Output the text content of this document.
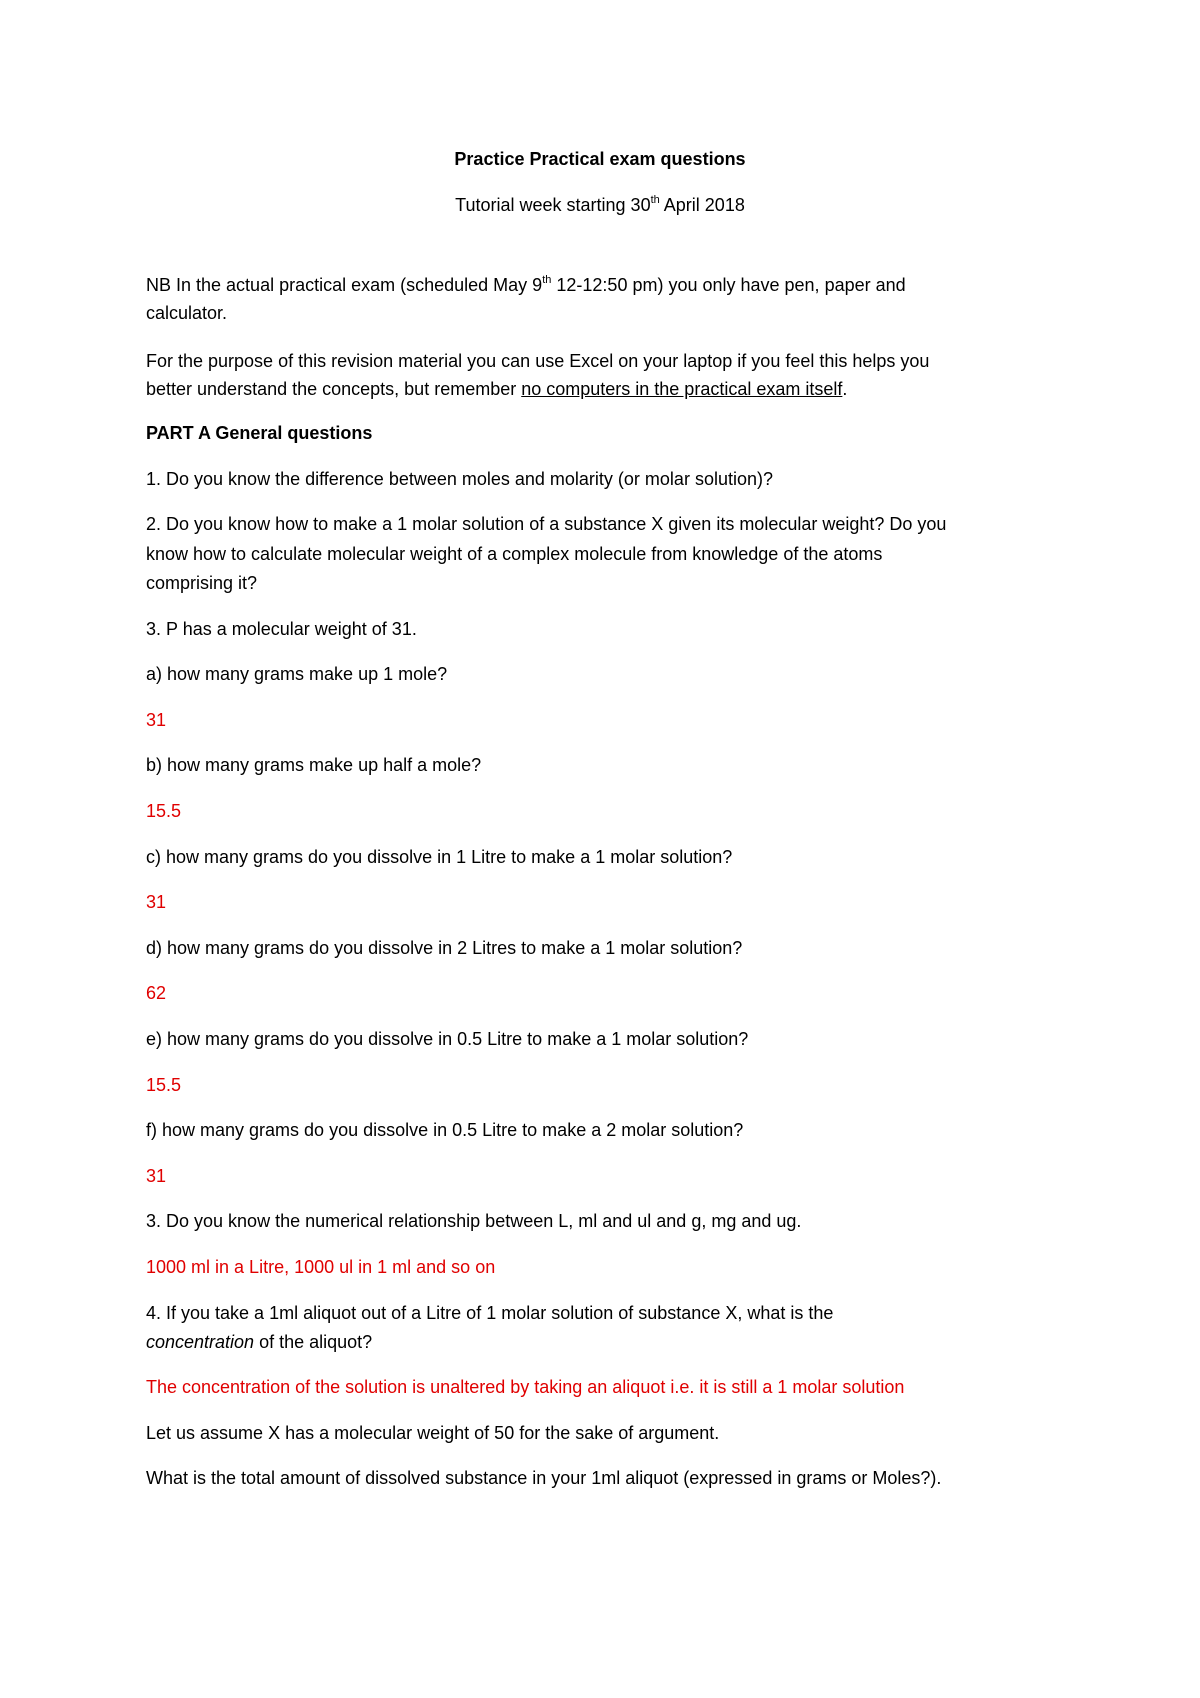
Practice Practical exam questions
Tutorial week starting 30th April 2018
NB In the actual practical exam (scheduled May 9th 12-12:50 pm) you only have pen, paper and
calculator.
For the purpose of this revision material you can use Excel on your laptop if you feel this helps you
better understand the concepts, but remember no computers in the practical exam itself.
PART A General questions
1. Do you know the difference between moles and molarity (or molar solution)?
2. Do you know how to make a 1 molar solution of a substance X given its molecular weight? Do you
know how to calculate molecular weight of a complex molecule from knowledge of the atoms
comprising it?
3. P has a molecular weight of 31.
a) how many grams make up 1 mole?
31
b) how many grams make up half a mole?
15.5
c) how many grams do you dissolve in 1 Litre to make a 1 molar solution?
31
d) how many grams do you dissolve in 2 Litres to make a 1 molar solution?
62
e) how many grams do you dissolve in 0.5 Litre to make a 1 molar solution?
15.5
f) how many grams do you dissolve in 0.5 Litre to make a 2 molar solution?
31
3. Do you know the numerical relationship between L, ml and ul and g, mg and ug.
1000 ml in a Litre, 1000 ul in 1 ml and so on
4. If you take a 1ml aliquot out of a Litre of 1 molar solution of substance X, what is the
concentration of the aliquot?
The concentration of the solution is unaltered by taking an aliquot i.e. it is still a 1 molar solution
Let us assume X has a molecular weight of 50 for the sake of argument.
What is the total amount of dissolved substance in your 1ml aliquot (expressed in grams or Moles?).
